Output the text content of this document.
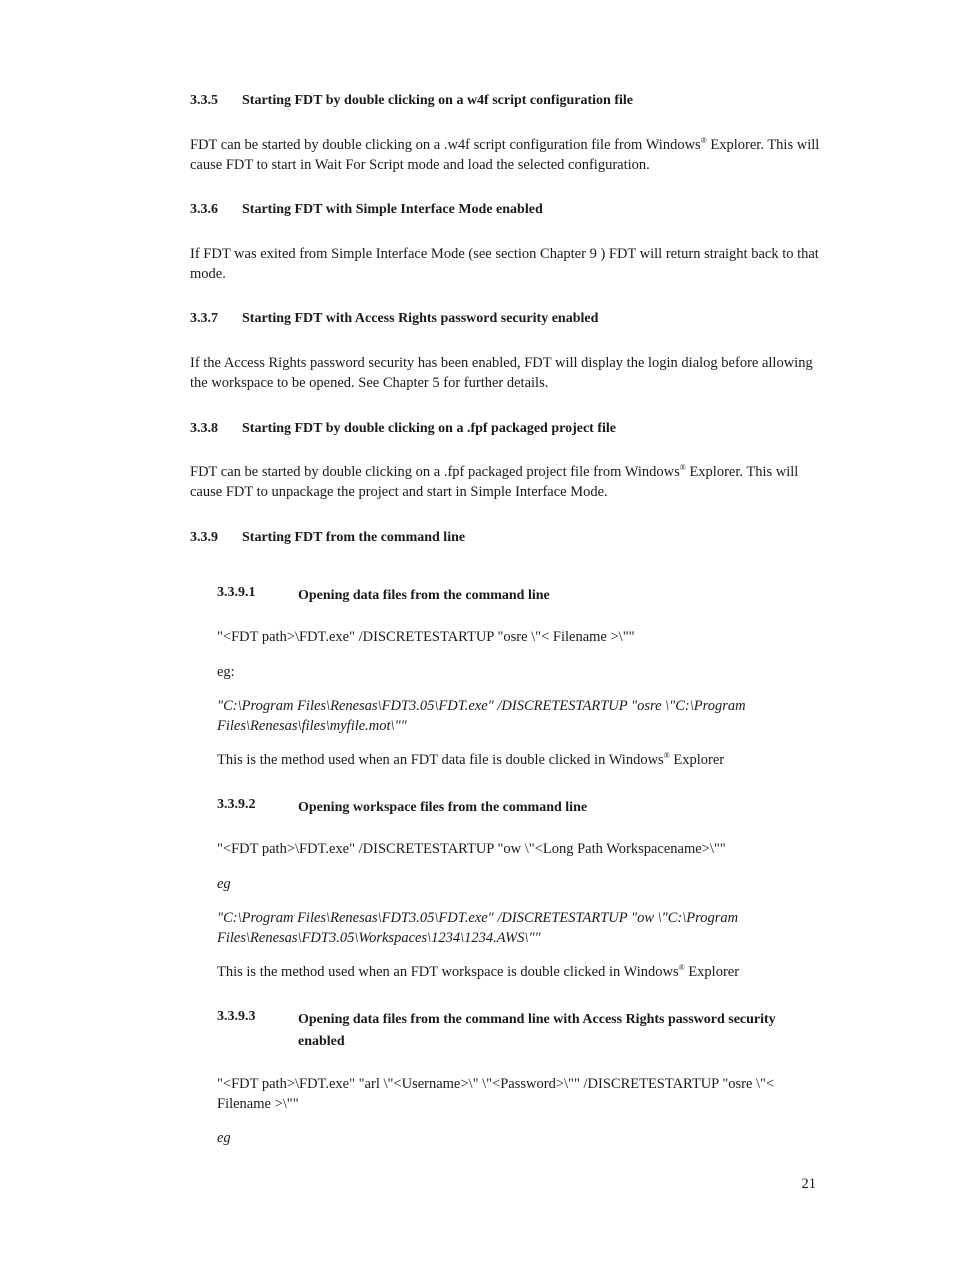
3.3.5 Starting FDT by double clicking on a w4f script configuration file
FDT can be started by double clicking on a .w4f script configuration file from Windows® Explorer. This will cause FDT to start in Wait For Script mode and load the selected configuration.
3.3.6 Starting FDT with Simple Interface Mode enabled
If FDT was exited from Simple Interface Mode (see section Chapter 9 ) FDT will return straight back to that mode.
3.3.7 Starting FDT with Access Rights password security enabled
If the Access Rights password security has been enabled, FDT will display the login dialog before allowing the workspace to be opened. See Chapter 5 for further details.
3.3.8 Starting FDT by double clicking on a .fpf packaged project file
FDT can be started by double clicking on a .fpf packaged project file from Windows® Explorer. This will cause FDT to unpackage the project and start in Simple Interface Mode.
3.3.9 Starting FDT from the command line
3.3.9.1	Opening data files from the command line
"<FDT path>\FDT.exe" /DISCRETESTARTUP "osre \"< Filename >\""
eg:
"C:\Program Files\Renesas\FDT3.05\FDT.exe" /DISCRETESTARTUP "osre \"C:\Program Files\Renesas\files\myfile.mot\""
This is the method used when an FDT data file is double clicked in Windows® Explorer
3.3.9.2	Opening workspace files from the command line
"<FDT path>\FDT.exe" /DISCRETESTARTUP "ow \"<Long Path Workspacename>\""
eg
"C:\Program Files\Renesas\FDT3.05\FDT.exe" /DISCRETESTARTUP "ow \"C:\Program Files\Renesas\FDT3.05\Workspaces\1234\1234.AWS\""
This is the method used when an FDT workspace is double clicked in Windows® Explorer
3.3.9.3	Opening data files from the command line with Access Rights password security enabled
"<FDT path>\FDT.exe" "arl \"<Username>\" \"<Password>\"" /DISCRETESTARTUP "osre \"< Filename >\""
eg
21
